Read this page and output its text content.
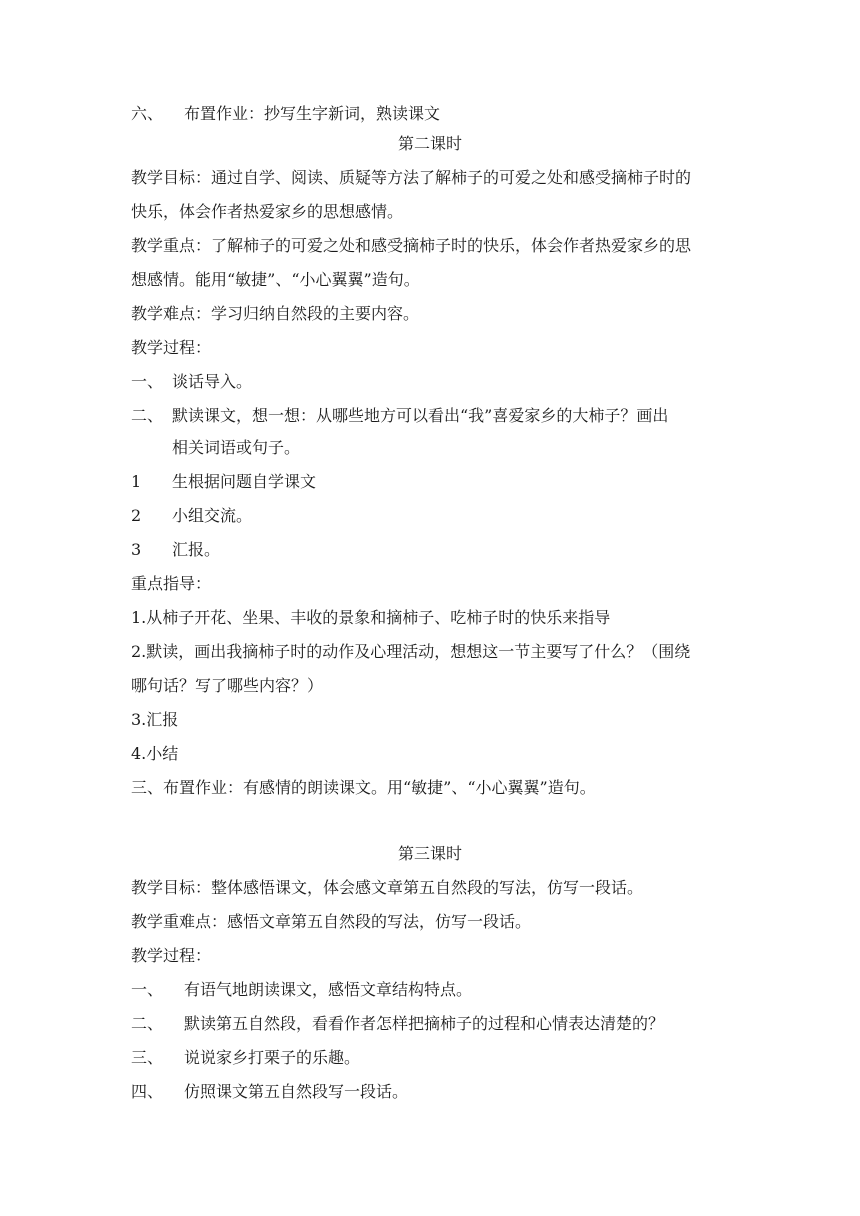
六、 布置作业：抄写生字新词，熟读课文
第二课时
教学目标：通过自学、阅读、质疑等方法了解柿子的可爱之处和感受摘柿子时的
快乐，体会作者热爱家乡的思想感情。
教学重点：了解柿子的可爱之处和感受摘柿子时的快乐，体会作者热爱家乡的思
想感情。能用“敏捷”、“小心翼翼”造句。
教学难点：学习归纳自然段的主要内容。
教学过程：
一、 谈话导入。
二、 默读课文，想一想：从哪些地方可以看出“我”喜爱家乡的大柿子？画出
相关词语或句子。
1 生根据问题自学课文
2 小组交流。
3 汇报。
重点指导：
1.从柿子开花、坐果、丰收的景象和摘柿子、吃柿子时的快乐来指导
2.默读，画出我摘柿子时的动作及心理活动，想想这一节主要写了什么？（围绕
哪句话？写了哪些内容？）
3.汇报
4.小结
三、布置作业：有感情的朗读课文。用“敏捷”、“小心翼翼”造句。
第三课时
教学目标：整体感悟课文，体会感文章第五自然段的写法，仿写一段话。
教学重难点：感悟文章第五自然段的写法，仿写一段话。
教学过程：
一、 有语气地朗读课文，感悟文章结构特点。
二、 默读第五自然段，看看作者怎样把摘柿子的过程和心情表达清楚的？
三、 说说家乡打栗子的乐趣。
四、 仿照课文第五自然段写一段话。
